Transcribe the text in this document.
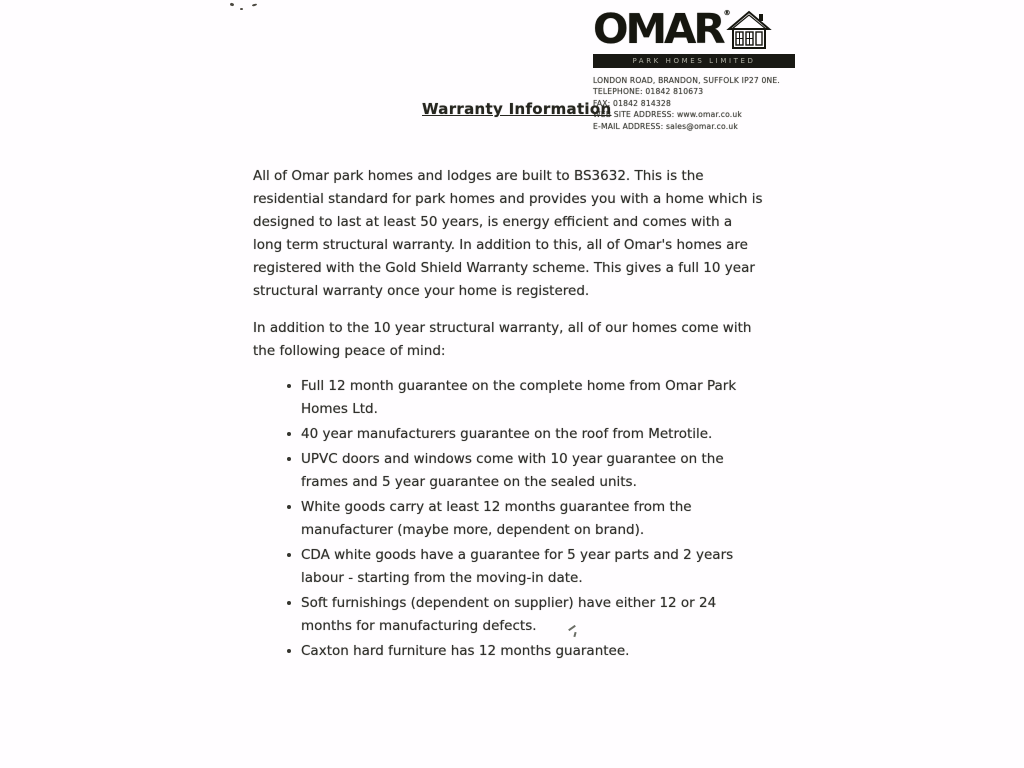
OMAR®
PARK HOMES LIMITED
LONDON ROAD, BRANDON, SUFFOLK IP27 0NE.
TELEPHONE: 01842 810673
FAX: 01842 814328
WEB SITE ADDRESS: www.omar.co.uk
E-MAIL ADDRESS: sales@omar.co.uk
Warranty Information

All of Omar park homes and lodges are built to BS3632. This is the residential standard for park homes and provides you with a home which is designed to last at least 50 years, is energy efficient and comes with a long term structural warranty. In addition to this, all of Omar's homes are registered with the Gold Shield Warranty scheme. This gives a full 10 year structural warranty once your home is registered.

In addition to the 10 year structural warranty, all of our homes come with the following peace of mind:

Full 12 month guarantee on the complete home from Omar Park Homes Ltd.
40 year manufacturers guarantee on the roof from Metrotile.
UPVC doors and windows come with 10 year guarantee on the frames and 5 year guarantee on the sealed units.
White goods carry at least 12 months guarantee from the manufacturer (maybe more, dependent on brand).
CDA white goods have a guarantee for 5 year parts and 2 years labour - starting from the moving-in date.
Soft furnishings (dependent on supplier) have either 12 or 24 months for manufacturing defects.
Caxton hard furniture has 12 months guarantee.
